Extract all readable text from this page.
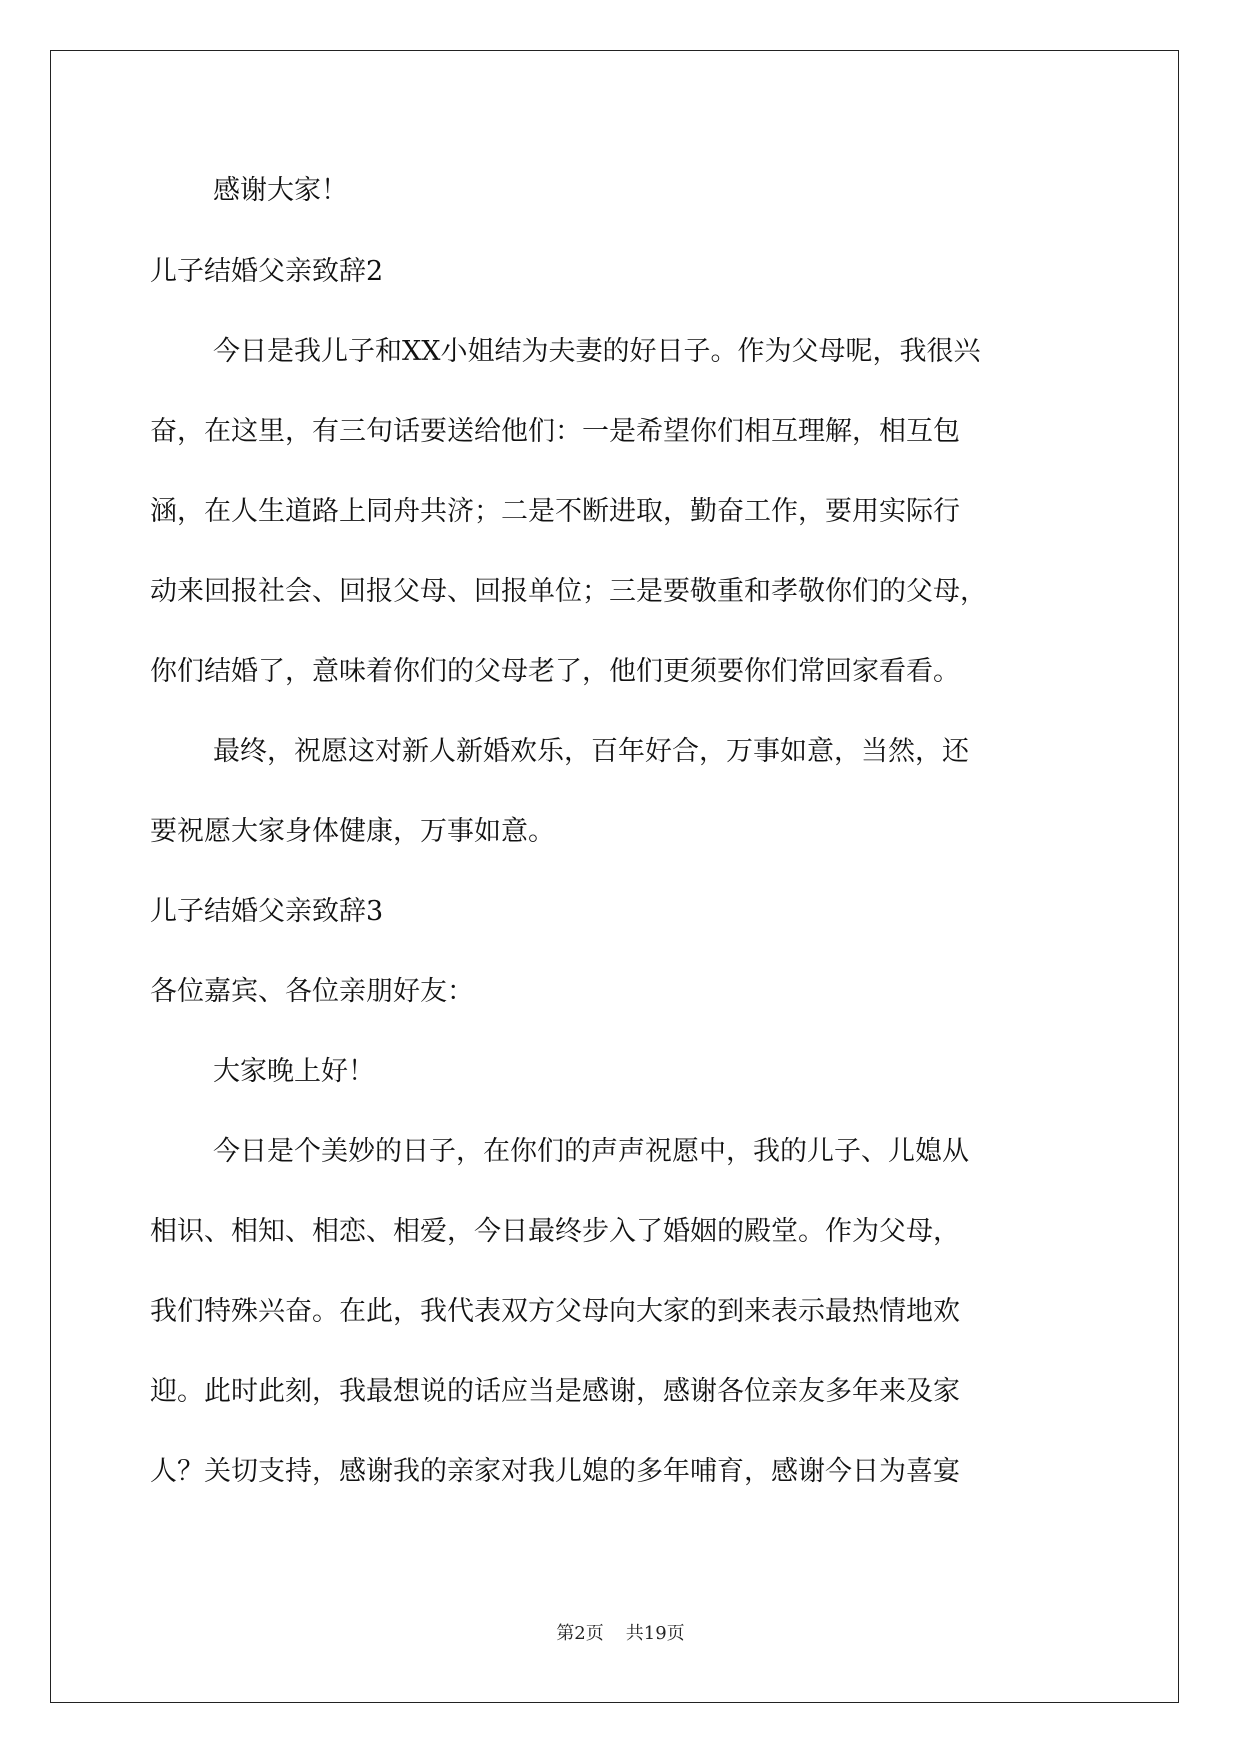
感谢大家！

儿子结婚父亲致辞2

今日是我儿子和XX小姐结为夫妻的好日子。作为父母呢，我很兴

奋，在这里，有三句话要送给他们：一是希望你们相互理解，相互包

涵，在人生道路上同舟共济；二是不断进取，勤奋工作，要用实际行

动来回报社会、回报父母、回报单位；三是要敬重和孝敬你们的父母，

你们结婚了，意味着你们的父母老了，他们更须要你们常回家看看。

最终，祝愿这对新人新婚欢乐，百年好合，万事如意，当然，还

要祝愿大家身体健康，万事如意。

儿子结婚父亲致辞3

各位嘉宾、各位亲朋好友：

大家晚上好！

今日是个美妙的日子，在你们的声声祝愿中，我的儿子、儿媳从

相识、相知、相恋、相爱，今日最终步入了婚姻的殿堂。作为父母，

我们特殊兴奋。在此，我代表双方父母向大家的到来表示最热情地欢

迎。此时此刻，我最想说的话应当是感谢，感谢各位亲友多年来及家

人？关切支持，感谢我的亲家对我儿媳的多年哺育，感谢今日为喜宴

第2页 共19页
